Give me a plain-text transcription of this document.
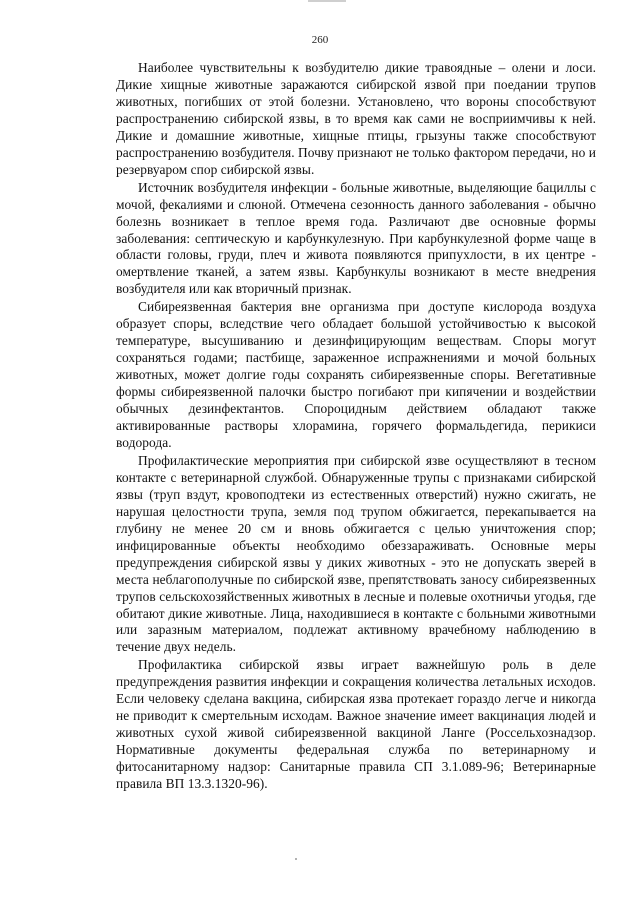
260

Наиболее чувствительны к возбудителю дикие травоядные – олени и лоси. Дикие хищные животные заражаются сибирской язвой при поедании трупов животных, погибших от этой болезни. Установлено, что вороны способствуют распространению сибирской язвы, в то время как сами не восприимчивы к ней. Дикие и домашние животные, хищные птицы, грызуны также способствуют распространению возбудителя. Почву признают не только фактором передачи, но и резервуаром спор сибирской язвы.

Источник возбудителя инфекции - больные животные, выделяющие бациллы с мочой, фекалиями и слюной. Отмечена сезонность данного заболевания - обычно болезнь возникает в теплое время года. Различают две основные формы заболевания: септическую и карбункулезную. При карбункулезной форме чаще в области головы, груди, плеч и живота появляются припухлости, в их центре - омертвление тканей, а затем язвы. Карбункулы возникают в месте внедрения возбудителя или как вторичный признак.

Сибиреязвенная бактерия вне организма при доступе кислорода воздуха образует споры, вследствие чего обладает большой устойчивостью к высокой температуре, высушиванию и дезинфицирующим веществам. Споры могут сохраняться годами; пастбище, зараженное испражнениями и мочой больных животных, может долгие годы сохранять сибиреязвенные споры. Вегетативные формы сибиреязвенной палочки быстро погибают при кипячении и воздействии обычных дезинфектантов. Спороцидным действием обладают также активированные растворы хлорамина, горячего формальдегида, перикиси водорода.

Профилактические мероприятия при сибирской язве осуществляют в тесном контакте с ветеринарной службой. Обнаруженные трупы с признаками сибирской язвы (труп вздут, кровоподтеки из естественных отверстий) нужно сжигать, не нарушая целостности трупа, земля под трупом обжигается, перекапывается на глубину не менее 20 см и вновь обжигается с целью уничтожения спор; инфицированные объекты необходимо обеззараживать. Основные меры предупреждения сибирской язвы у диких животных - это не допускать зверей в места неблагополучные по сибирской язве, препятствовать заносу сибиреязвенных трупов сельскохозяйственных животных в лесные и полевые охотничьи угодья, где обитают дикие животные. Лица, находившиеся в контакте с больными животными или заразным материалом, подлежат активному врачебному наблюдению в течение двух недель.

Профилактика сибирской язвы играет важнейшую роль в деле предупреждения развития инфекции и сокращения количества летальных исходов. Если человеку сделана вакцина, сибирская язва протекает гораздо легче и никогда не приводит к смертельным исходам. Важное значение имеет вакцинация людей и животных сухой живой сибиреязвенной вакциной Ланге (Россельхознадзор. Нормативные документы федеральная служба по ветеринарному и фитосанитарному надзор: Санитарные правила СП 3.1.089-96; Ветеринарные правила ВП 13.3.1320-96).
